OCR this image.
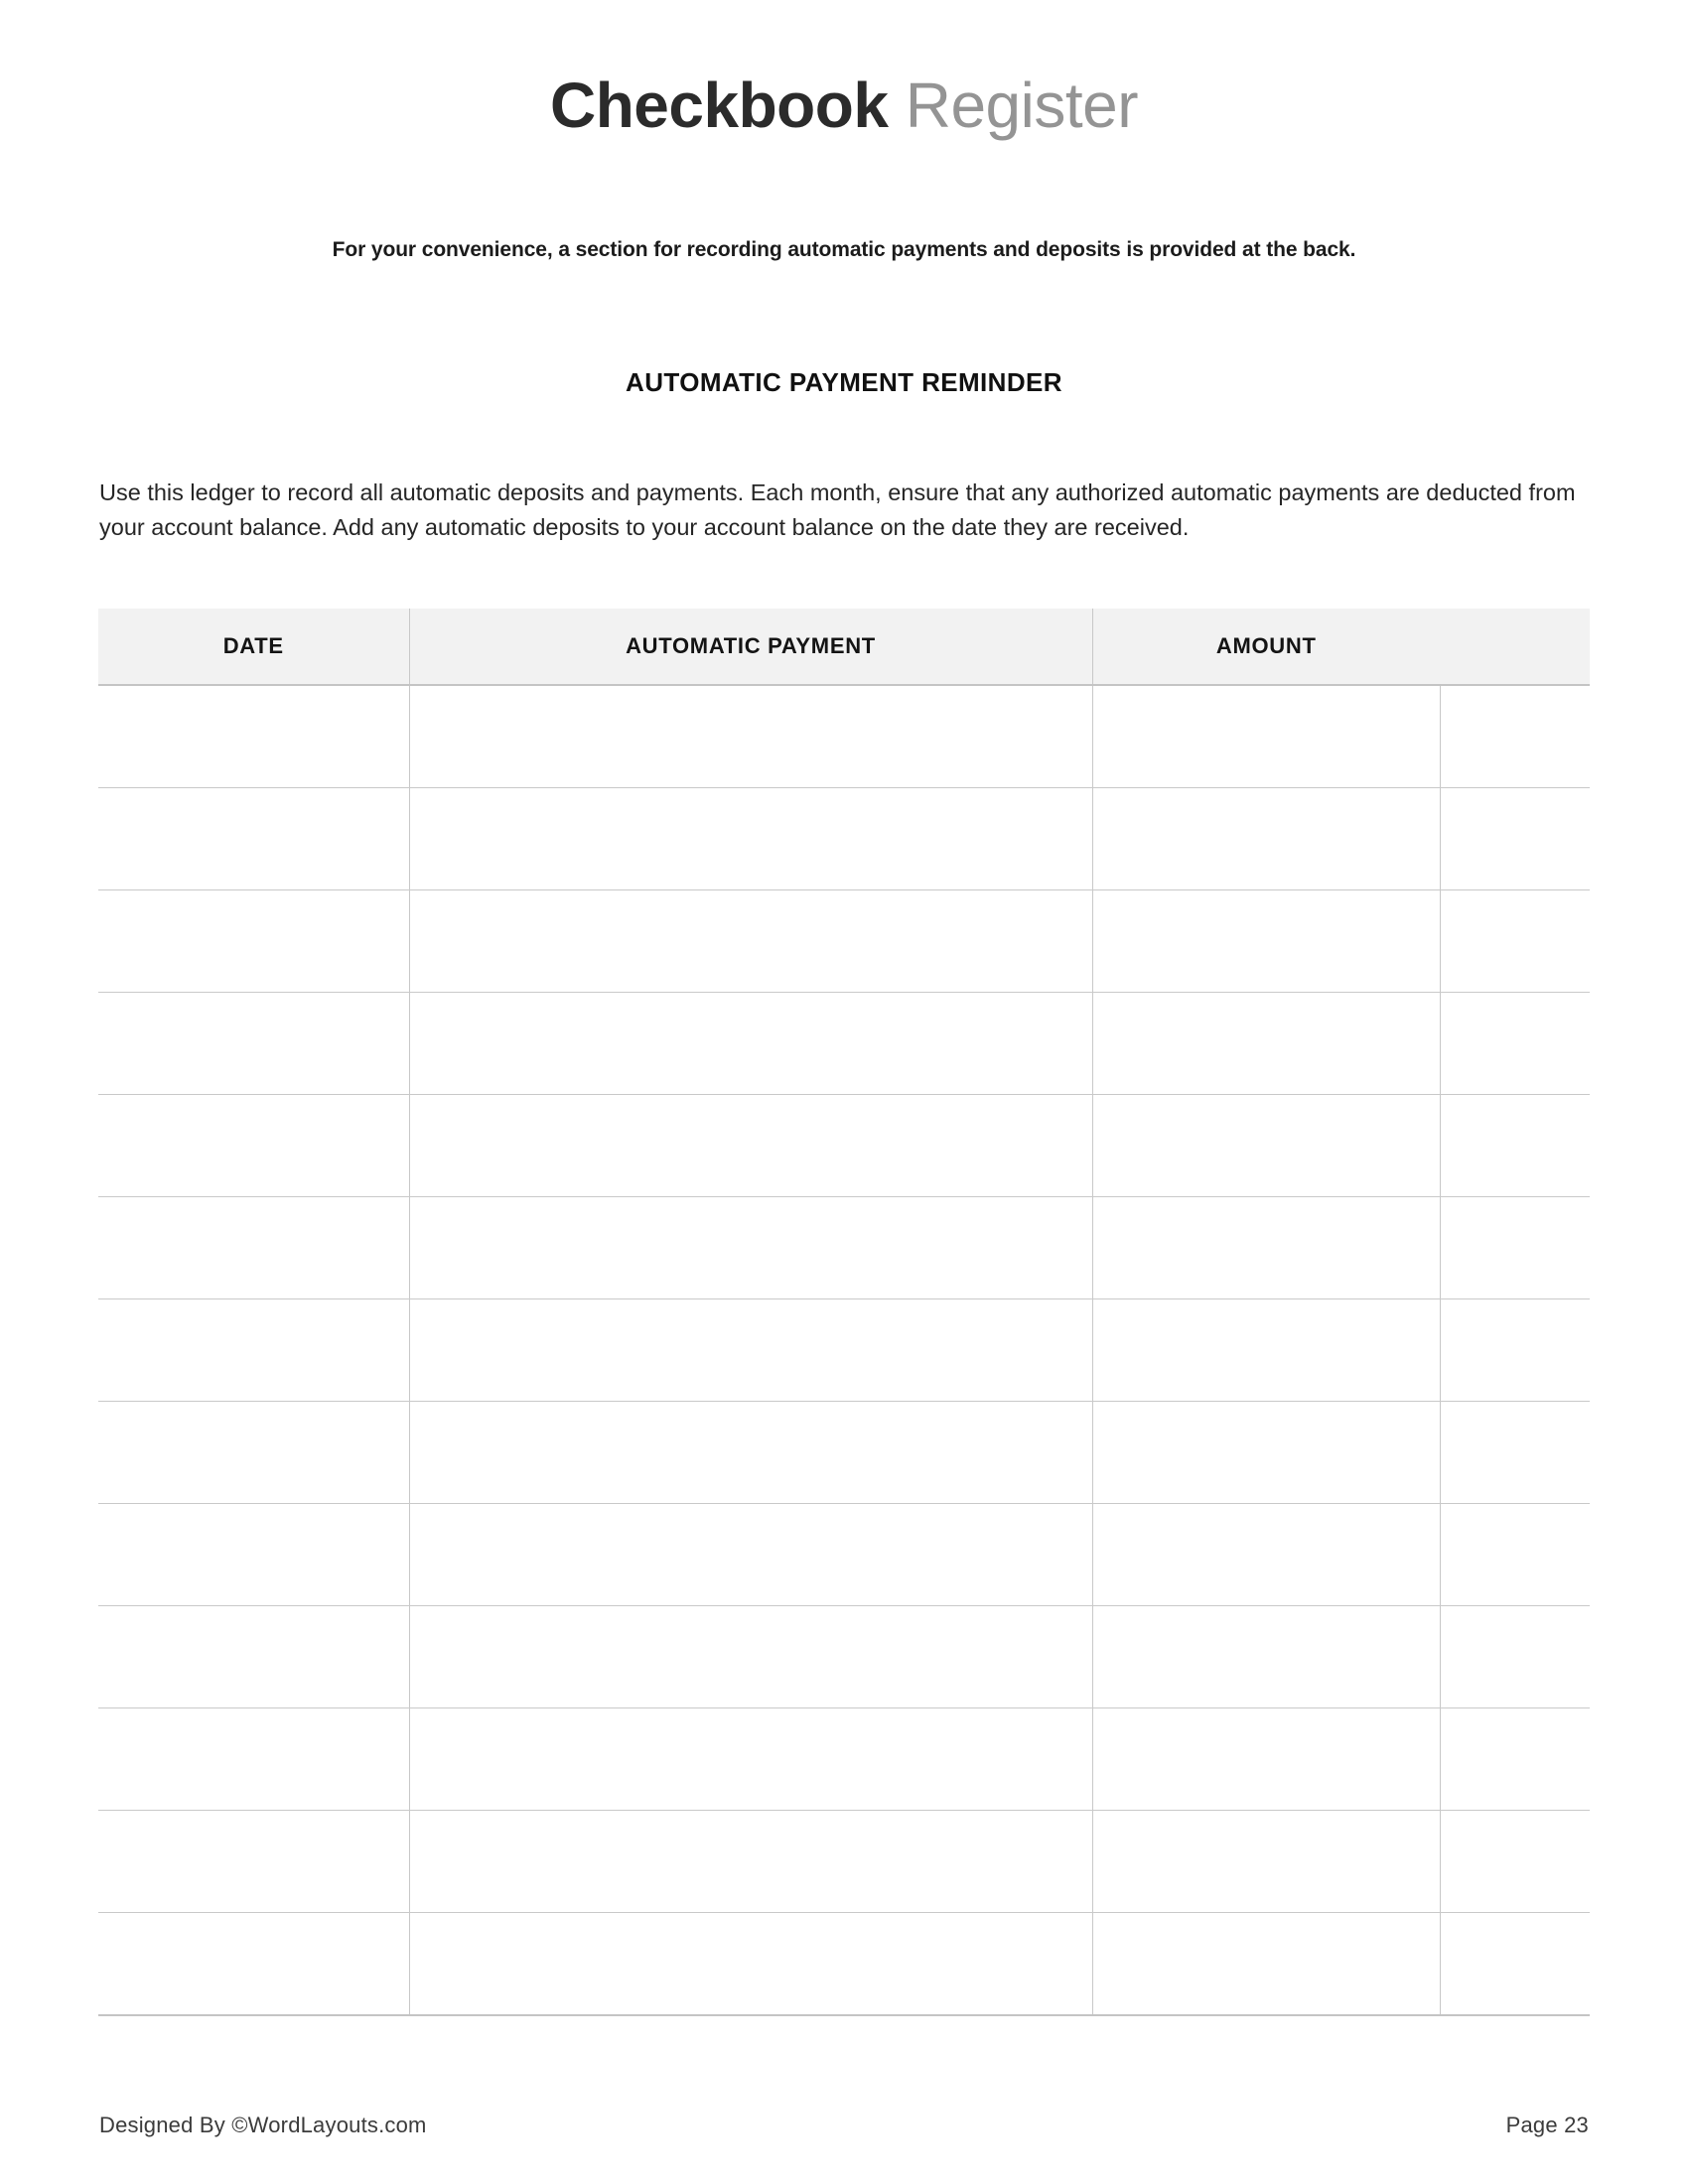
Checkbook Register

For your convenience, a section for recording automatic payments and deposits is provided at the back.

AUTOMATIC PAYMENT REMINDER

Use this ledger to record all automatic deposits and payments. Each month, ensure that any authorized automatic payments are deducted from your account balance. Add any automatic deposits to your account balance on the date they are received.

DATE	AUTOMATIC PAYMENT	AMOUNT	

Designed By ©WordLayouts.com	Page 23
